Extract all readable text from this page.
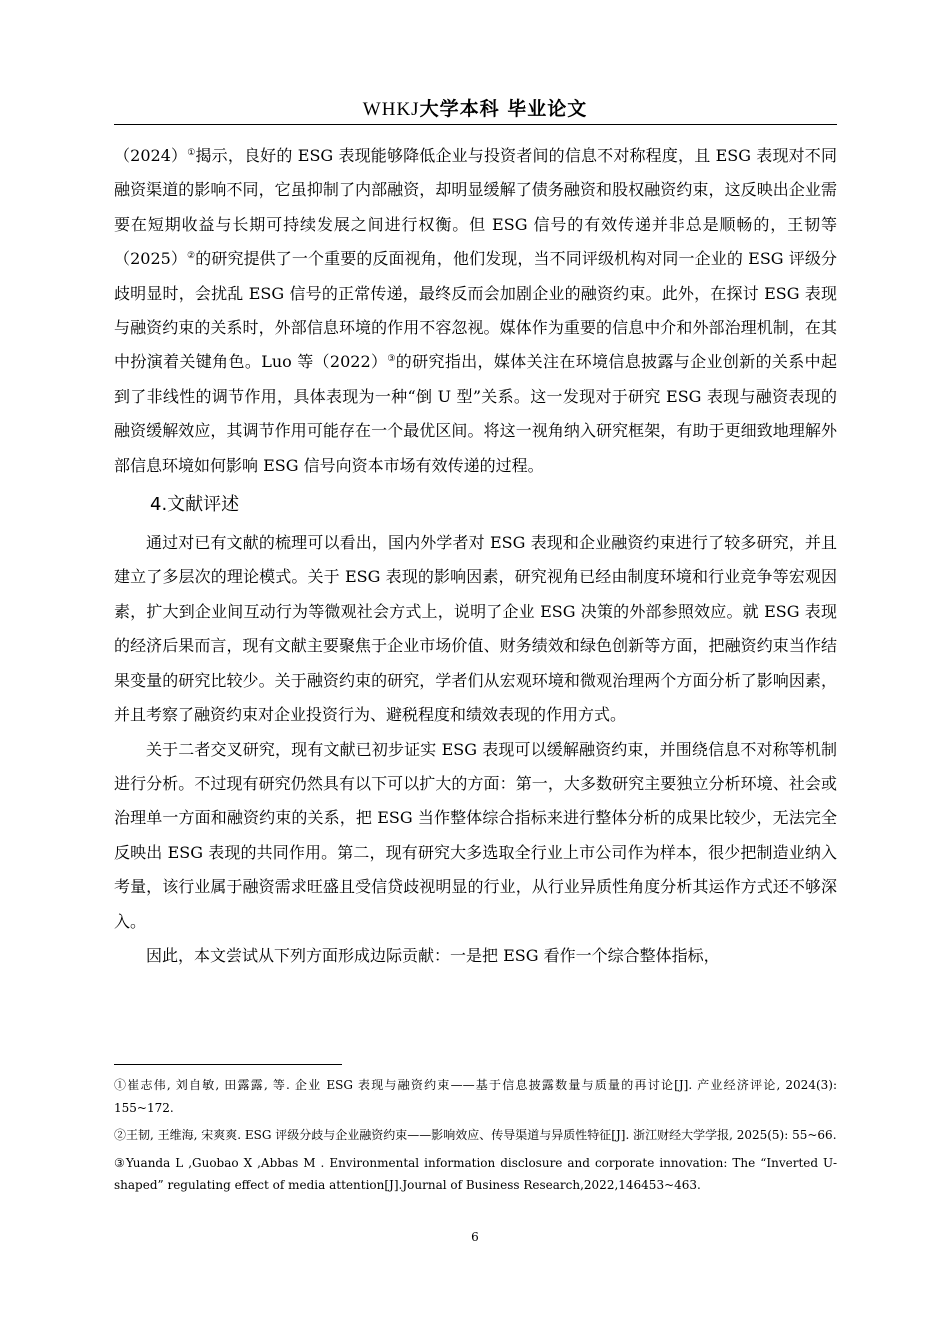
WHKJ大学本科 毕业论文

（2024）①揭示，良好的 ESG 表现能够降低企业与投资者间的信息不对称程度，且 ESG 表现对不同融资渠道的影响不同，它虽抑制了内部融资，却明显缓解了债务融资和股权融资约束，这反映出企业需要在短期收益与长期可持续发展之间进行权衡。但 ESG 信号的有效传递并非总是顺畅的，王韧等（2025）②的研究提供了一个重要的反面视角，他们发现，当不同评级机构对同一企业的 ESG 评级分歧明显时，会扰乱 ESG 信号的正常传递，最终反而会加剧企业的融资约束。此外，在探讨 ESG 表现与融资约束的关系时，外部信息环境的作用不容忽视。媒体作为重要的信息中介和外部治理机制，在其中扮演着关键角色。Luo 等（2022）③的研究指出，媒体关注在环境信息披露与企业创新的关系中起到了非线性的调节作用，具体表现为一种“倒 U 型”关系。这一发现对于研究 ESG 表现与融资表现的融资缓解效应，其调节作用可能存在一个最优区间。将这一视角纳入研究框架，有助于更细致地理解外部信息环境如何影响 ESG 信号向资本市场有效传递的过程。

4.文献评述

通过对已有文献的梳理可以看出，国内外学者对 ESG 表现和企业融资约束进行了较多研究，并且建立了多层次的理论模式。关于 ESG 表现的影响因素，研究视角已经由制度环境和行业竞争等宏观因素，扩大到企业间互动行为等微观社会方式上，说明了企业 ESG 决策的外部参照效应。就 ESG 表现的经济后果而言，现有文献主要聚焦于企业市场价值、财务绩效和绿色创新等方面，把融资约束当作结果变量的研究比较少。关于融资约束的研究，学者们从宏观环境和微观治理两个方面分析了影响因素，并且考察了融资约束对企业投资行为、避税程度和绩效表现的作用方式。

关于二者交叉研究，现有文献已初步证实 ESG 表现可以缓解融资约束，并围绕信息不对称等机制进行分析。不过现有研究仍然具有以下可以扩大的方面：第一，大多数研究主要独立分析环境、社会或治理单一方面和融资约束的关系，把 ESG 当作整体综合指标来进行整体分析的成果比较少，无法完全反映出 ESG 表现的共同作用。第二，现有研究大多选取全行业上市公司作为样本，很少把制造业纳入考量，该行业属于融资需求旺盛且受信贷歧视明显的行业，从行业异质性角度分析其运作方式还不够深入。

因此，本文尝试从下列方面形成边际贡献：一是把 ESG 看作一个综合整体指标，

①崔志伟, 刘自敏, 田露露, 等. 企业 ESG 表现与融资约束——基于信息披露数量与质量的再讨论[J]. 产业经济评论, 2024(3): 155~172.

②王韧, 王维海, 宋爽爽. ESG 评级分歧与企业融资约束——影响效应、传导渠道与异质性特征[J]. 浙江财经大学学报, 2025(5): 55~66.

③Yuanda L ,Guobao X ,Abbas M . Environmental information disclosure and corporate innovation: The “Inverted U-shaped” regulating effect of media attention[J].Journal of Business Research,2022,146453~463.

6
